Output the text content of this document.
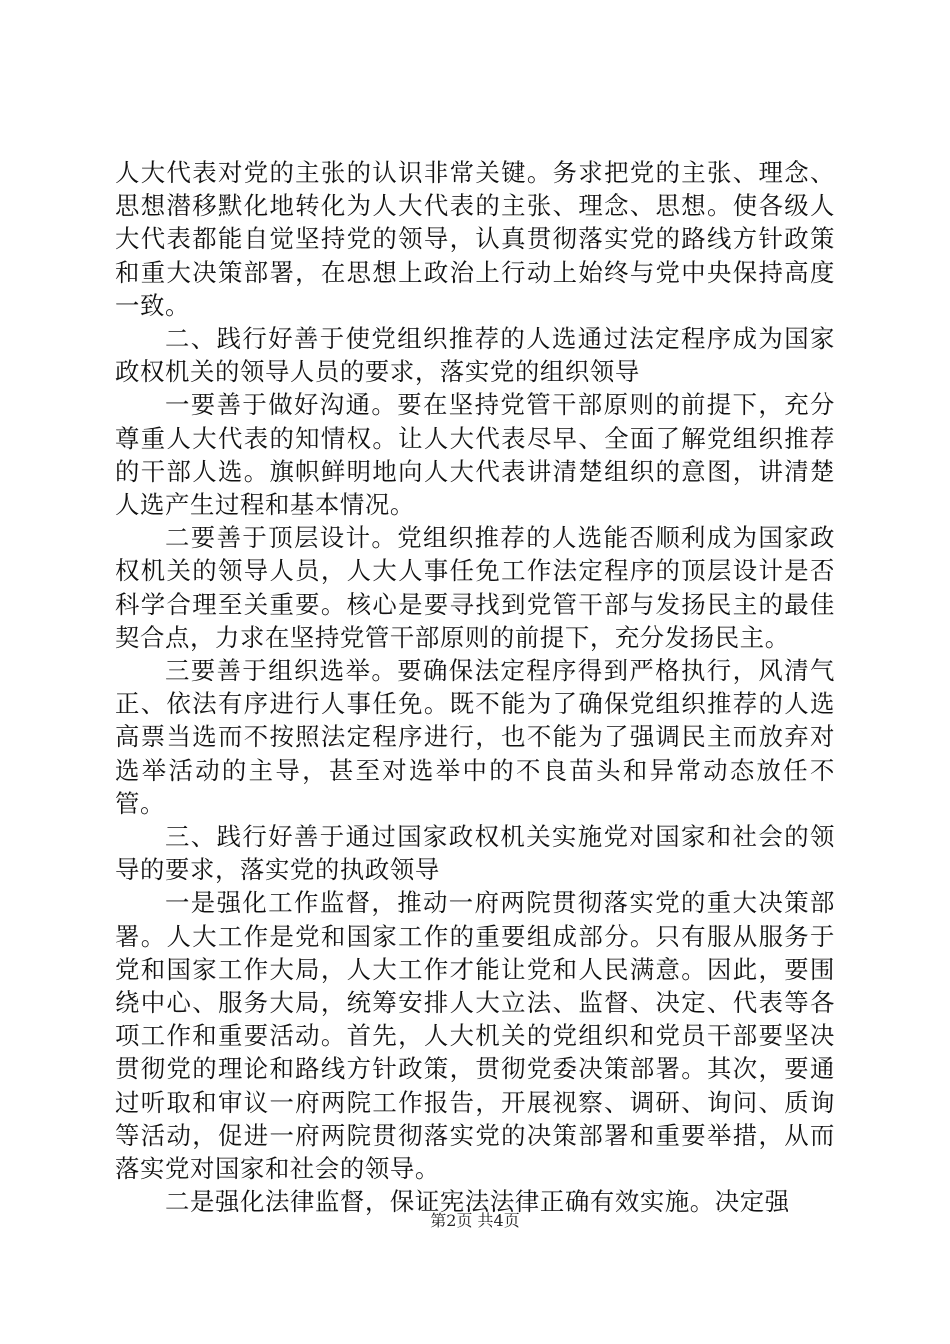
人大代表对党的主张的认识非常关键。务求把党的主张、理念、思想潜移默化地转化为人大代表的主张、理念、思想。使各级人大代表都能自觉坚持党的领导，认真贯彻落实党的路线方针政策和重大决策部署，在思想上政治上行动上始终与党中央保持高度一致。

二、践行好善于使党组织推荐的人选通过法定程序成为国家政权机关的领导人员的要求，落实党的组织领导

一要善于做好沟通。要在坚持党管干部原则的前提下，充分尊重人大代表的知情权。让人大代表尽早、全面了解党组织推荐的干部人选。旗帜鲜明地向人大代表讲清楚组织的意图，讲清楚人选产生过程和基本情况。

二要善于顶层设计。党组织推荐的人选能否顺利成为国家政权机关的领导人员，人大人事任免工作法定程序的顶层设计是否科学合理至关重要。核心是要寻找到党管干部与发扬民主的最佳契合点，力求在坚持党管干部原则的前提下，充分发扬民主。

三要善于组织选举。要确保法定程序得到严格执行，风清气正、依法有序进行人事任免。既不能为了确保党组织推荐的人选高票当选而不按照法定程序进行，也不能为了强调民主而放弃对选举活动的主导，甚至对选举中的不良苗头和异常动态放任不管。

三、践行好善于通过国家政权机关实施党对国家和社会的领导的要求，落实党的执政领导

一是强化工作监督，推动一府两院贯彻落实党的重大决策部署。人大工作是党和国家工作的重要组成部分。只有服从服务于党和国家工作大局，人大工作才能让党和人民满意。因此，要围绕中心、服务大局，统筹安排人大立法、监督、决定、代表等各项工作和重要活动。首先，人大机关的党组织和党员干部要坚决贯彻党的理论和路线方针政策，贯彻党委决策部署。其次，要通过听取和审议一府两院工作报告，开展视察、调研、询问、质询等活动，促进一府两院贯彻落实党的决策部署和重要举措，从而落实党对国家和社会的领导。

二是强化法律监督，保证宪法法律正确有效实施。决定强

第2页 共4页
